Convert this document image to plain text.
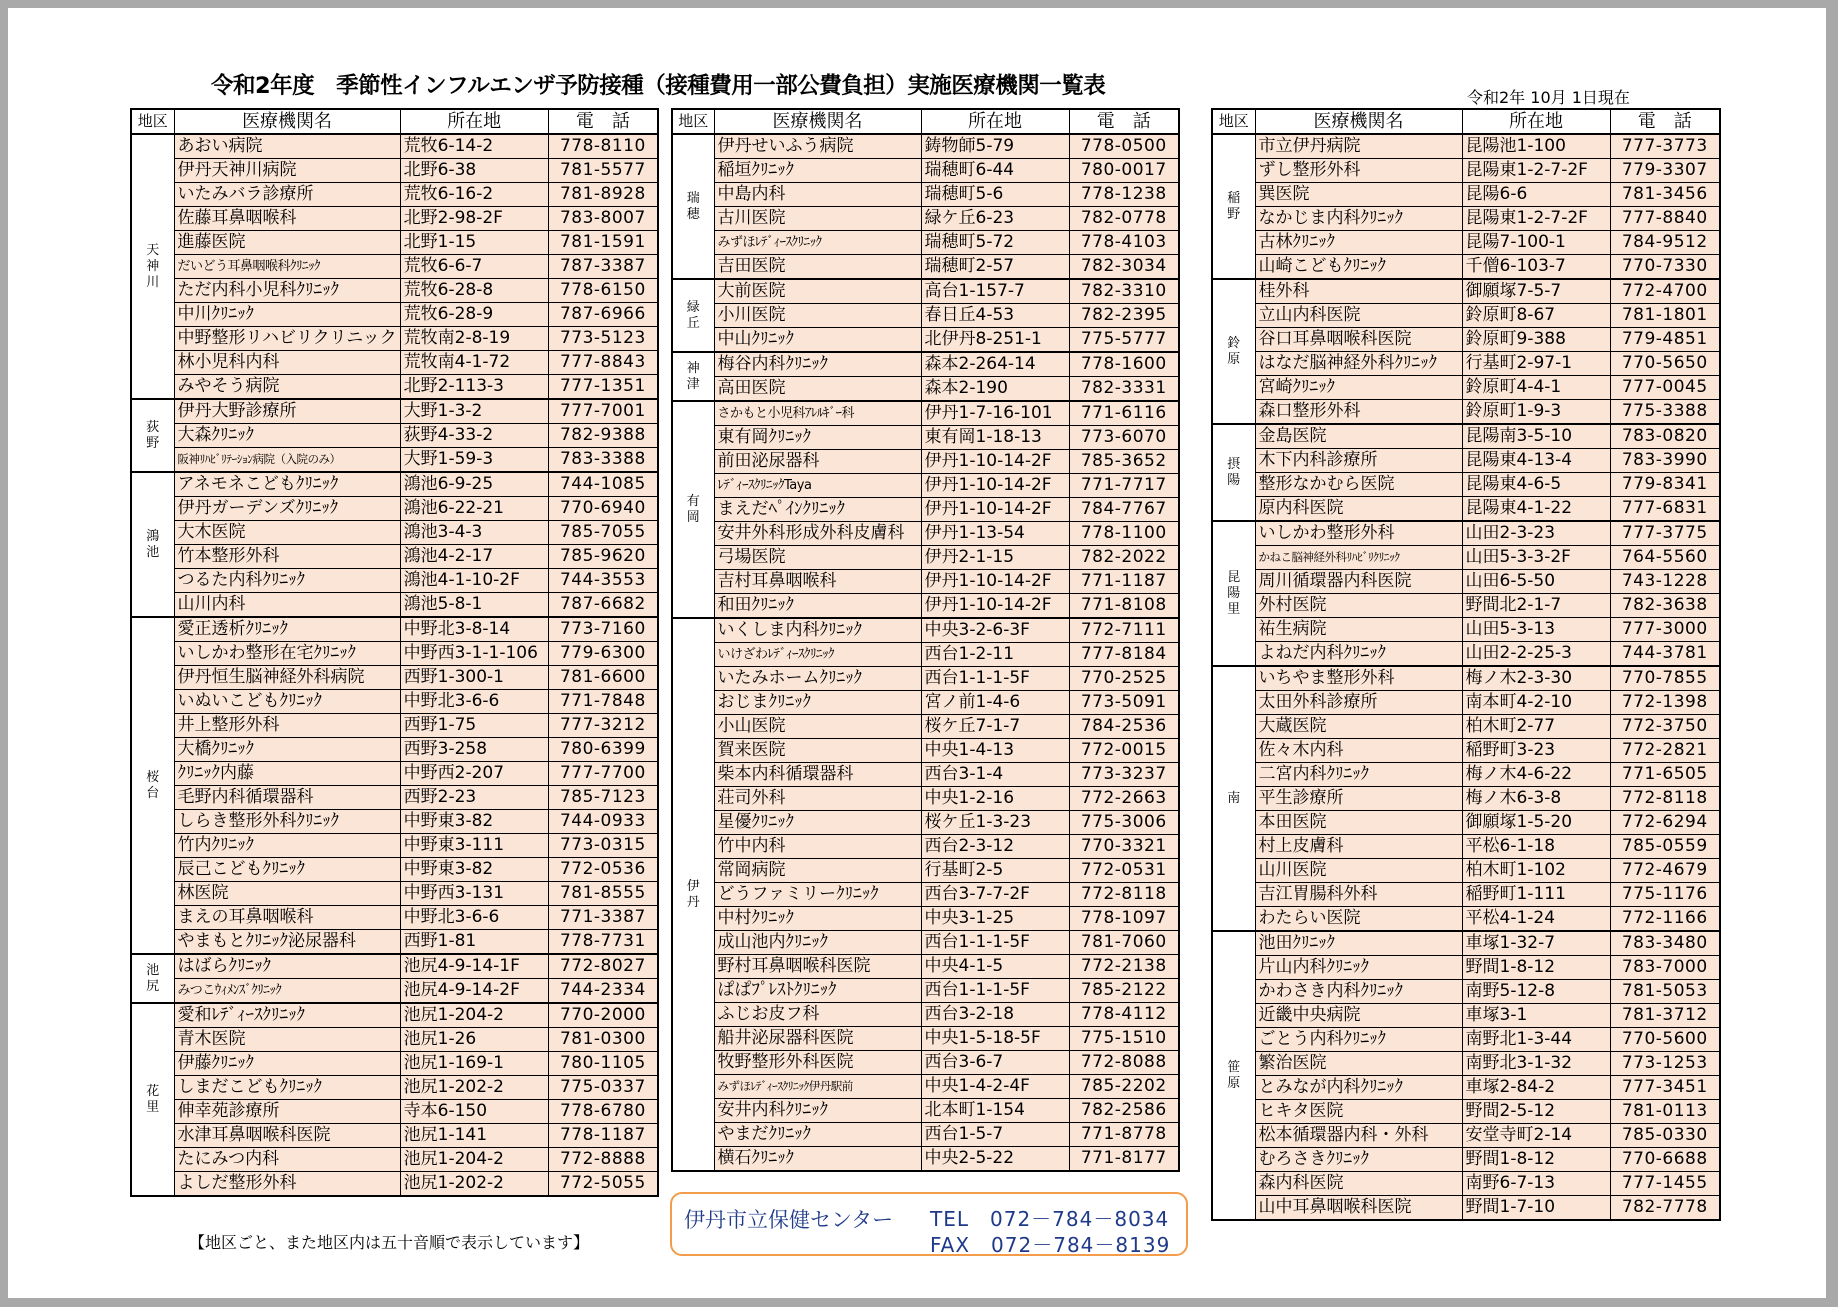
令和2年度　季節性インフルエンザ予防接種（接種費用一部公費負担）実施医療機関一覧表	令和2年 10月 1日現在
地区	医療機関名	所在地	電　話

天
神
川	あおい病院	荒牧6-14-2	778-8110
	伊丹天神川病院	北野6-38	781-5577
	いたみバラ診療所	荒牧6-16-2	781-8928
	佐藤耳鼻咽喉科	北野2-98-2F	783-8007
	進藤医院	北野1-15	781-1591
	だいどう耳鼻咽喉科ｸﾘﾆｯｸ	荒牧6-6-7	787-3387
	ただ内科小児科ｸﾘﾆｯｸ	荒牧6-28-8	778-6150
	中川ｸﾘﾆｯｸ	荒牧6-28-9	787-6966
	中野整形リハビリクリニック	荒牧南2-8-19	773-5123
	林小児科内科	荒牧南4-1-72	777-8843
	みやそう病院	北野2-113-3	777-1351

荻
野	伊丹大野診療所	大野1-3-2	777-7001
	大森ｸﾘﾆｯｸ	荻野4-33-2	782-9388
	阪神ﾘﾊﾋﾞﾘﾃｰｼｮﾝ病院（入院のみ）	大野1-59-3	783-3388

鴻
池	アネモネこどもｸﾘﾆｯｸ	鴻池6-9-25	744-1085
	伊丹ガーデンズｸﾘﾆｯｸ	鴻池6-22-21	770-6940
	大木医院	鴻池3-4-3	785-7055
	竹本整形外科	鴻池4-2-17	785-9620
	つるた内科ｸﾘﾆｯｸ	鴻池4-1-10-2F	744-3553
	山川内科	鴻池5-8-1	787-6682

桜
台	愛正透析ｸﾘﾆｯｸ	中野北3-8-14	773-7160
	いしかわ整形在宅ｸﾘﾆｯｸ	中野西3-1-1-106	779-6300
	伊丹恒生脳神経外科病院	西野1-300-1	781-6600
	いぬいこどもｸﾘﾆｯｸ	中野北3-6-6	771-7848
	井上整形外科	西野1-75	777-3212
	大橋ｸﾘﾆｯｸ	西野3-258	780-6399
	ｸﾘﾆｯｸ内藤	中野西2-207	777-7700
	毛野内科循環器科	西野2-23	785-7123
	しらき整形外科ｸﾘﾆｯｸ	中野東3-82	744-0933
	竹内ｸﾘﾆｯｸ	中野東3-111	773-0315
	辰己こどもｸﾘﾆｯｸ	中野東3-82	772-0536
	林医院	中野西3-131	781-8555
	まえの耳鼻咽喉科	中野北3-6-6	771-3387
	やまもとｸﾘﾆｯｸ泌尿器科	西野1-81	778-7731

池
尻	はばらｸﾘﾆｯｸ	池尻4-9-14-1F	772-8027
	みつこｳｨﾒﾝｽﾞｸﾘﾆｯｸ	池尻4-9-14-2F	744-2334

花
里	愛和ﾚﾃﾞｨｰｽｸﾘﾆｯｸ	池尻1-204-2	770-2000
	青木医院	池尻1-26	781-0300
	伊藤ｸﾘﾆｯｸ	池尻1-169-1	780-1105
	しまだこどもｸﾘﾆｯｸ	池尻1-202-2	775-0337
	伸幸苑診療所	寺本6-150	778-6780
	水津耳鼻咽喉科医院	池尻1-141	778-1187
	たにみつ内科	池尻1-204-2	772-8888
	よしだ整形外科	池尻1-202-2	772-5055
地区	医療機関名	所在地	電　話

瑞
穂	伊丹せいふう病院	鋳物師5-79	778-0500
	稲垣ｸﾘﾆｯｸ	瑞穂町6-44	780-0017
	中島内科	瑞穂町5-6	778-1238
	古川医院	緑ケ丘6-23	782-0778
	みずほﾚﾃﾞｨｰｽｸﾘﾆｯｸ	瑞穂町5-72	778-4103
	吉田医院	瑞穂町2-57	782-3034

緑
丘	大前医院	高台1-157-7	782-3310
	小川医院	春日丘4-53	782-2395
	中山ｸﾘﾆｯｸ	北伊丹8-251-1	775-5777

神
津	梅谷内科ｸﾘﾆｯｸ	森本2-264-14	778-1600
	高田医院	森本2-190	782-3331

有
岡	さかもと小児科ｱﾚﾙｷﾞｰ科	伊丹1-7-16-101	771-6116
	東有岡ｸﾘﾆｯｸ	東有岡1-18-13	773-6070
	前田泌尿器科	伊丹1-10-14-2F	785-3652
	ﾚﾃﾞｨｰｽｸﾘﾆｯｸTaya	伊丹1-10-14-2F	771-7717
	まえだﾍﾟｲﾝｸﾘﾆｯｸ	伊丹1-10-14-2F	784-7767
	安井外科形成外科皮膚科	伊丹1-13-54	778-1100
	弓場医院	伊丹2-1-15	782-2022
	吉村耳鼻咽喉科	伊丹1-10-14-2F	771-1187
	和田ｸﾘﾆｯｸ	伊丹1-10-14-2F	771-8108

伊
丹	いくしま内科ｸﾘﾆｯｸ	中央3-2-6-3F	772-7111
	いけざわﾚﾃﾞｨｰｽｸﾘﾆｯｸ	西台1-2-11	777-8184
	いたみホームｸﾘﾆｯｸ	西台1-1-1-5F	770-2525
	おじまｸﾘﾆｯｸ	宮ノ前1-4-6	773-5091
	小山医院	桜ケ丘7-1-7	784-2536
	賀来医院	中央1-4-13	772-0015
	柴本内科循環器科	西台3-1-4	773-3237
	荘司外科	中央1-2-16	772-2663
	星優ｸﾘﾆｯｸ	桜ケ丘1-3-23	775-3006
	竹中内科	西台2-3-12	770-3321
	常岡病院	行基町2-5	772-0531
	どうファミリーｸﾘﾆｯｸ	西台3-7-7-2F	772-8118
	中村ｸﾘﾆｯｸ	中央3-1-25	778-1097
	成山池内ｸﾘﾆｯｸ	西台1-1-1-5F	781-7060
	野村耳鼻咽喉科医院	中央4-1-5	772-2138
	ぱぱﾌﾟﾚｽﾄｸﾘﾆｯｸ	西台1-1-1-5F	785-2122
	ふじお皮フ科	西台3-2-18	778-4112
	船井泌尿器科医院	中央1-5-18-5F	775-1510
	牧野整形外科医院	西台3-6-7	772-8088
	みずほﾚﾃﾞｨｰｽｸﾘﾆｯｸ伊丹駅前	中央1-4-2-4F	785-2202
	安井内科ｸﾘﾆｯｸ	北本町1-154	782-2586
	やまだｸﾘﾆｯｸ	西台1-5-7	771-8778
	横石ｸﾘﾆｯｸ	中央2-5-22	771-8177
地区	医療機関名	所在地	電　話

稲
野	市立伊丹病院	昆陽池1-100	777-3773
	ずし整形外科	昆陽東1-2-7-2F	779-3307
	巽医院	昆陽6-6	781-3456
	なかじま内科ｸﾘﾆｯｸ	昆陽東1-2-7-2F	777-8840
	古林ｸﾘﾆｯｸ	昆陽7-100-1	784-9512
	山崎こどもｸﾘﾆｯｸ	千僧6-103-7	770-7330

鈴
原	桂外科	御願塚7-5-7	772-4700
	立山内科医院	鈴原町8-67	781-1801
	谷口耳鼻咽喉科医院	鈴原町9-388	779-4851
	はなだ脳神経外科ｸﾘﾆｯｸ	行基町2-97-1	770-5650
	宮崎ｸﾘﾆｯｸ	鈴原町4-4-1	777-0045
	森口整形外科	鈴原町1-9-3	775-3388

摂
陽	金島医院	昆陽南3-5-10	783-0820
	木下内科診療所	昆陽東4-13-4	783-3990
	整形なかむら医院	昆陽東4-6-5	779-8341
	原内科医院	昆陽東4-1-22	777-6831

昆
陽
里	いしかわ整形外科	山田2-3-23	777-3775
	かねこ脳神経外科ﾘﾊﾋﾞﾘｸﾘﾆｯｸ	山田5-3-3-2F	764-5560
	周川循環器内科医院	山田6-5-50	743-1228
	外村医院	野間北2-1-7	782-3638
	祐生病院	山田5-3-13	777-3000
	よねだ内科ｸﾘﾆｯｸ	山田2-2-25-3	744-3781

南	いちやま整形外科	梅ノ木2-3-30	770-7855
	太田外科診療所	南本町4-2-10	772-1398
	大蔵医院	柏木町2-77	772-3750
	佐々木内科	稲野町3-23	772-2821
	二宮内科ｸﾘﾆｯｸ	梅ノ木4-6-22	771-6505
	平生診療所	梅ノ木6-3-8	772-8118
	本田医院	御願塚1-5-20	772-6294
	村上皮膚科	平松6-1-18	785-0559
	山川医院	柏木町1-102	772-4679
	吉江胃腸科外科	稲野町1-111	775-1176
	わたらい医院	平松4-1-24	772-1166

笹
原	池田ｸﾘﾆｯｸ	車塚1-32-7	783-3480
	片山内科ｸﾘﾆｯｸ	野間1-8-12	783-7000
	かわさき内科ｸﾘﾆｯｸ	南野5-12-8	781-5053
	近畿中央病院	車塚3-1	781-3712
	ごとう内科ｸﾘﾆｯｸ	南野北1-3-44	770-5600
	繁治医院	南野北3-1-32	773-1253
	とみなが内科ｸﾘﾆｯｸ	車塚2-84-2	777-3451
	ヒキタ医院	野間2-5-12	781-0113
	松本循環器内科・外科	安堂寺町2-14	785-0330
	むろさきｸﾘﾆｯｸ	野間1-8-12	770-6688
	森内科医院	南野6-7-13	777-1455
	山中耳鼻咽喉科医院	野間1-7-10	782-7778
【地区ごと、また地区内は五十音順で表示しています】
伊丹市立保健センター TEL　072－784－8034
FAX　072－784－8139
